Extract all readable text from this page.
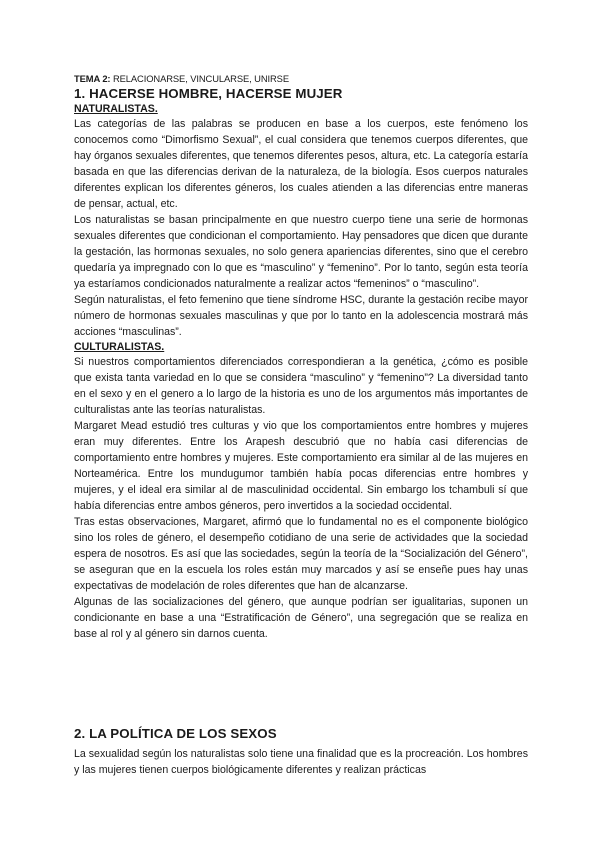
TEMA 2: RELACIONARSE, VINCULARSE, UNIRSE

1. HACERSE HOMBRE, HACERSE MUJER
NATURALISTAS.

Las categorías de las palabras se producen en base a los cuerpos, este fenómeno los conocemos como “Dimorfismo Sexual”, el cual considera que tenemos cuerpos diferentes, que hay órganos sexuales diferentes, que tenemos diferentes pesos, altura, etc. La categoría estaría basada en que las diferencias derivan de la naturaleza, de la biología. Esos cuerpos naturales diferentes explican los diferentes géneros, los cuales atienden a las diferencias entre maneras de pensar, actual, etc.

Los naturalistas se basan principalmente en que nuestro cuerpo tiene una serie de hormonas sexuales diferentes que condicionan el comportamiento. Hay pensadores que dicen que durante la gestación, las hormonas sexuales, no solo genera apariencias diferentes, sino que el cerebro quedaría ya impregnado con lo que es “masculino” y “femenino”. Por lo tanto, según esta teoría ya estaríamos condicionados naturalmente a realizar actos “femeninos” o “masculino”.

Según naturalistas, el feto femenino que tiene síndrome HSC, durante la gestación recibe mayor número de hormonas sexuales masculinas y que por lo tanto en la adolescencia mostrará más acciones “masculinas”.

CULTURALISTAS.

Si nuestros comportamientos diferenciados correspondieran a la genética, ¿cómo es posible que exista tanta variedad en lo que se considera “masculino” y “femenino”? La diversidad tanto en el sexo y en el genero a lo largo de la historia es uno de los argumentos más importantes de culturalistas ante las teorías naturalistas.

Margaret Mead estudió tres culturas y vio que los comportamientos entre hombres y mujeres eran muy diferentes. Entre los Arapesh descubrió que no había casi diferencias de comportamiento entre hombres y mujeres. Este comportamiento era similar al de las mujeres en Norteamérica. Entre los mundugumor también había pocas diferencias entre hombres y mujeres, y el ideal era similar al de masculinidad occidental. Sin embargo los tchambuli sí que había diferencias entre ambos géneros, pero invertidos a la sociedad occidental.

Tras estas observaciones, Margaret, afirmó que lo fundamental no es el componente biológico sino los roles de género, el desempeño cotidiano de una serie de actividades que la sociedad espera de nosotros. Es así que las sociedades, según la teoría de la “Socialización del Género”, se aseguran que en la escuela los roles están muy marcados y así se enseñe pues hay unas expectativas de modelación de roles diferentes que han de alcanzarse.

Algunas de las socializaciones del género, que aunque podrían ser igualitarias, suponen un condicionante en base a una “Estratificación de Género”, una segregación que se realiza en base al rol y al género sin darnos cuenta.

2. LA POLÍTICA DE LOS SEXOS

La sexualidad según los naturalistas solo tiene una finalidad que es la procreación. Los hombres y las mujeres tienen cuerpos biológicamente diferentes y realizan prácticas
